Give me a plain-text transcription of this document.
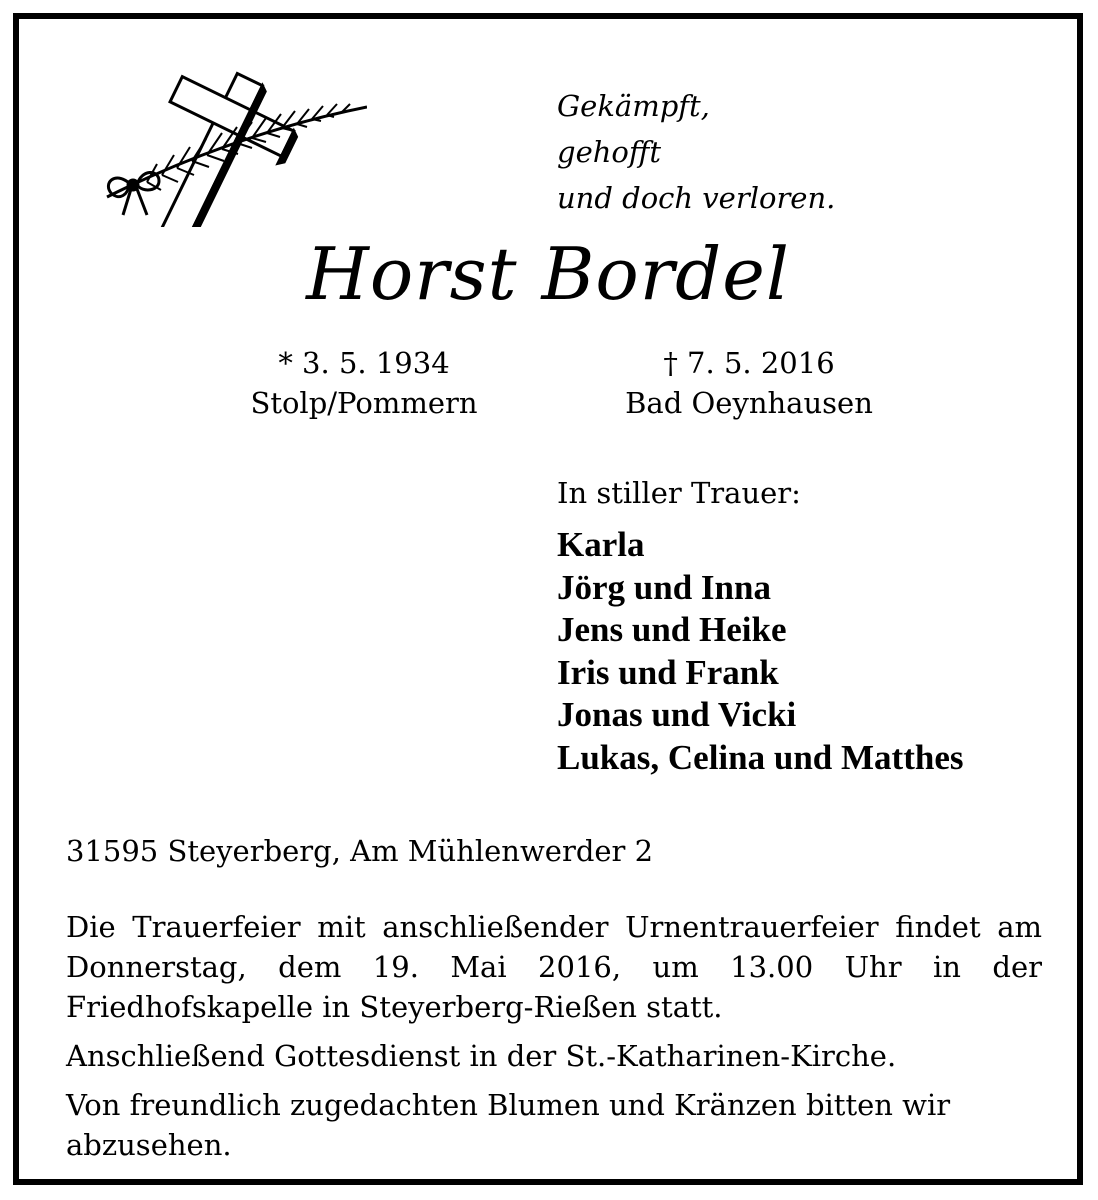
Gekämpft,
gehofft
und doch verloren.
Horst Bordel
* 3. 5. 1934
Stolp/Pommern
† 7. 5. 2016
Bad Oeynhausen
In stiller Trauer:
Karla
Jörg und Inna
Jens und Heike
Iris und Frank
Jonas und Vicki
Lukas, Celina und Matthes
31595 Steyerberg, Am Mühlenwerder 2

Die Trauerfeier mit anschließender Urnentrauerfeier findet am Donnerstag, dem 19. Mai 2016, um 13.00 Uhr in der Friedhofskapelle in Steyerberg-Rießen statt.

Anschließend Gottesdienst in der St.-Katharinen-Kirche.

Von freundlich zugedachten Blumen und Kränzen bitten wir abzusehen.
